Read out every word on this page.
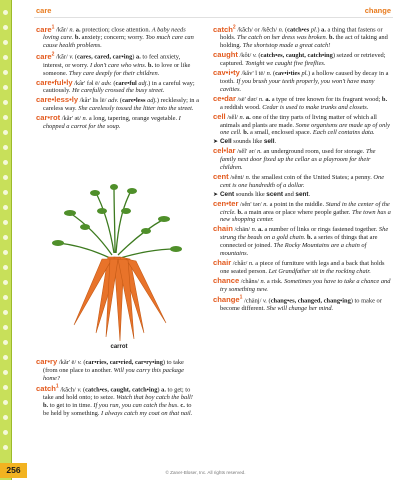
care	change
care$^1$ /kâr/ n. a. protection; close attention. A baby needs loving care. b. anxiety; concern; worry. Too much care can cause health problems.
care$^2$ /kâr/ v. (cares, cared, car•ing) a. to feel anxiety, interest, or worry. I don't care who wins. b. to love or like someone. They care deeply for their children.
care•ful•ly /kâr' fəl ē/ adv. (care•ful adj.) in a careful way; cautiously. He carefully crossed the busy street.
care•less•ly /kâr' lis lē/ adv. (care•less adj.) recklessly; in a careless way. She carelessly tossed the litter into the street.
car•rot /kăr' ət/ n. a long, tapering, orange vegetable. I chopped a carrot for the soup.
carrot
car•ry /kăr' ē/ v. (car•ries, car•ried, car•ry•ing) to take (from one place to another. Will you carry this package home?
catch$^1$ /kăch/ v. (catch•es, caught, catch•ing) a. to get; to take and hold onto; to seize. Watch that boy catch the ball! b. to get to in time. If you run, you can catch the bus. c. to be held by something. I always catch my coat on that nail.
catch$^2$ /kăch/ or /kĕch/ n. (catch•es pl.) a. a thing that fastens or holds. The catch on her dress was broken. b. the act of taking and holding. The shortstop made a great catch!
caught /kôt/ v. (catch•es, caught, catch•ing) seized or retrieved; captured. Tonight we caught five fireflies.
cav•i•ty /kăv' ĭ tē/ n. (cav•i•ties pl.) a hollow caused by decay in a tooth. If you brush your teeth properly, you won't have many cavities.
ce•dar /sē' dər/ n. a. a type of tree known for its fragrant wood; b. a reddish wood. Cedar is used to make trunks and closets.
cell /sĕl/ n. a. one of the tiny parts of living matter of which all animals and plants are made. Some organisms are made up of only one cell. b. a small, enclosed space. Each cell contains data.
➤ Cell sounds like sell.
cel•lar /sĕl' ər/ n. an underground room, used for storage. The family next door fixed up the cellar as a playroom for their children.
cent /sĕnt/ n. the smallest coin of the United States; a penny. One cent is one hundredth of a dollar.
➤ Cent sounds like scent and sent.
cen•ter /sĕn' tər/ n. a point in the middle. Stand in the center of the circle. b. a main area or place where people gather. The town has a new shopping center.
chain /chān/ n. a. a number of links or rings fastened together. She strung the beads on a gold chain. b. a series of things that are connected or joined. The Rocky Mountains are a chain of mountains.
chair /châr/ n. a piece of furniture with legs and a back that holds one seated person. Let Grandfather sit in the rocking chair.
chance /chăns/ n. a risk. Sometimes you have to take a chance and try something new.
change$^1$ /chānj/ v. (chang•es, changed, chang•ing) to make or become different. She will change her mind.
256	© Zaner-Bloser, Inc. All rights reserved.
